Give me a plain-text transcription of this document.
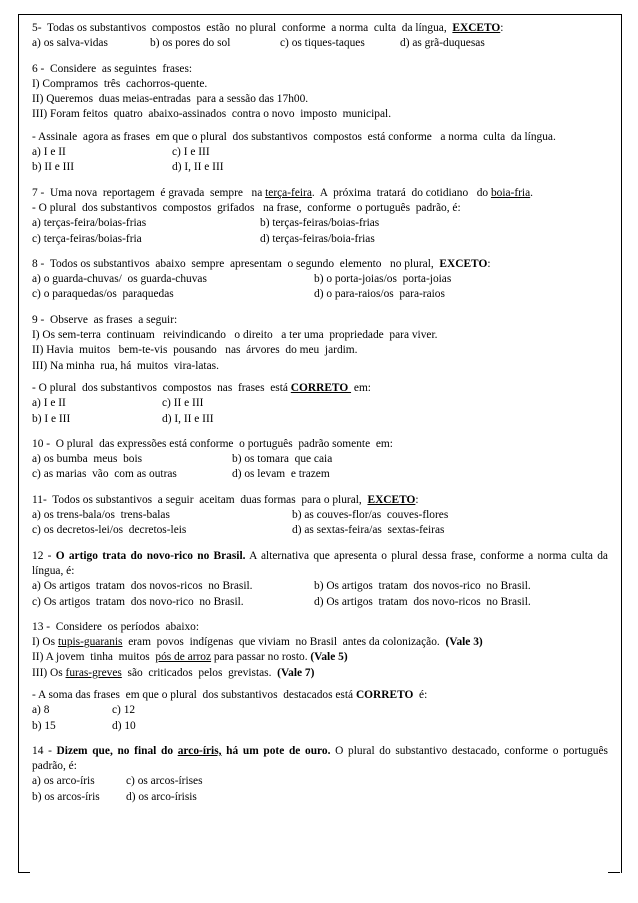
5-  Todas os substantivos  compostos  estão  no plural  conforme  a norma  culta  da língua,  EXCETO:
a) os salva-vidas	b) os pores do sol	c) os tiques-taques	d) as grã-duquesas
6 -  Considere  as seguintes  frases:
I) Compramos  três  cachorros-quente.
II) Queremos  duas meias-entradas  para a sessão das 17h00.
III) Foram feitos  quatro  abaixo-assinados  contra o novo  imposto  municipal.
- Assinale  agora as frases  em que o plural  dos substantivos  compostos  está conforme   a norma  culta  da língua.
a) I e II	c) I e III
b) II e III	d) I, II e III
7 -  Uma nova  reportagem  é gravada  sempre   na terça-feira.  A  próxima  tratará  do cotidiano   do boia-fria.
- O plural  dos substantivos  compostos  grifados   na frase,  conforme  o português  padrão, é:
a) terças-feira/boias-frias	b) terças-feiras/boias-frias
c) terça-feiras/boias-fria	d) terças-feiras/boia-frias
8 -  Todos os substantivos  abaixo  sempre  apresentam  o segundo  elemento   no plural,  EXCETO:
a) o guarda-chuvas/  os guarda-chuvas	b) o porta-joias/os  porta-joias
c) o paraquedas/os  paraquedas	d) o para-raios/os  para-raios
9 -  Observe  as frases  a seguir:
I) Os sem-terra  continuam   reivindicando   o direito   a ter uma  propriedade  para viver.
II) Havia  muitos   bem-te-vis  pousando   nas  árvores  do meu  jardim.
III) Na minha  rua, há  muitos  vira-latas.
- O plural  dos substantivos  compostos  nas  frases  está CORRETO  em:
a) I e II	c) II e III
b) I e III	d) I, II e III
10 -  O plural  das expressões está conforme  o português  padrão somente  em:
a) os bumba  meus  bois	b) os tomara  que caia
c) as marias  vão  com as outras	d) os levam  e trazem
11-  Todos os substantivos  a seguir  aceitam  duas formas  para o plural,  EXCETO:
a) os trens-bala/os  trens-balas	b) as couves-flor/as  couves-flores
c) os decretos-lei/os  decretos-leis	d) as sextas-feira/as  sextas-feiras
12 - O artigo trata do novo-rico no Brasil. A alternativa que apresenta o plural dessa frase, conforme a norma culta da língua, é:
a) Os artigos  tratam  dos novos-ricos  no Brasil.	b) Os artigos  tratam  dos novos-rico  no Brasil.
c) Os artigos  tratam  dos novo-rico  no Brasil.	d) Os artigos  tratam  dos novo-ricos  no Brasil.
13 -  Considere  os períodos  abaixo:
I) Os tupis-guaranis  eram  povos  indígenas  que viviam  no Brasil  antes da colonização.  (Vale 3)
II) A jovem  tinha  muitos  pós de arroz para passar no rosto. (Vale 5)
III) Os furas-greves  são  criticados  pelos  grevistas.  (Vale 7)
- A soma das frases  em que o plural  dos substantivos  destacados está CORRETO  é:
a) 8	c) 12
b) 15	d) 10
14 - Dizem que, no final do arco-íris, há um pote de ouro. O plural do substantivo destacado, conforme o português padrão, é:
a) os arco-íris	c) os arcos-írises
b) os arcos-íris	d) os arco-írisis
